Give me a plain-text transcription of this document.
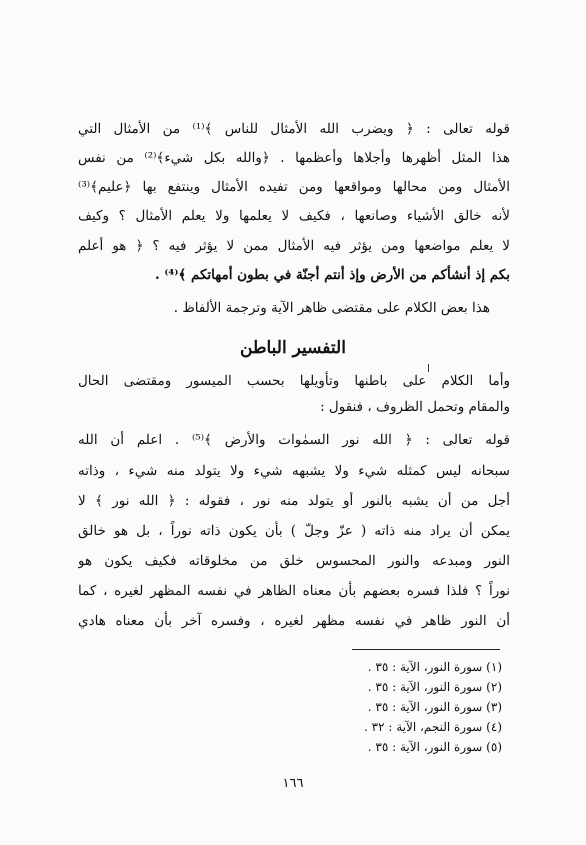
قوله تعالى : ﴿ ويضرب الله الأمثال للناس ﴾⁽¹⁾ من الأمثال التي
هذا المثل أظهرها وأجلاها وأعظمها . ﴿والله بكل شيء﴾⁽²⁾ من نفس
الأمثال ومن محالها ومواقعها ومن تفيده الأمثال وينتفع بها ﴿عليم﴾⁽³⁾
لأنه خالق الأشياء وصانعها ، فكيف لا يعلمها ولا يعلم الأمثال ؟ وكيف
لا يعلم مواضعها ومن يؤثر فيه الأمثال ممن لا يؤثر فيه ؟ ﴿ هو أعلم
بكم إذ أنشأكم من الأرض وإذ أنتم أجنّة في بطون أمهاتكم ﴾⁽⁴⁾ .
هذا بعض الكلام على مقتضى ظاهر الآية وترجمة الألفاظ .
التفسير الباطن
وأما الكلام على باطنها وتأويلها بحسب الميسور ومقتضى الحال
والمقام وتحمل الظروف ، فنقول :
قوله تعالى : ﴿ الله نور السمٰوات والأرض ﴾⁽⁵⁾ . اعلم أن الله
سبحانه ليس كمثله شيء ولا يشبهه شيء ولا يتولد منه شيء ، وذاته
أجل من أن يشبه بالنور أو يتولد منه نور ، فقوله : ﴿ الله نور ﴾ لا
يمكن أن يراد منه ذاته ( عزّ وجلّ ) بأن يكون ذاته نوراً ، بل هو خالق
النور ومبدعه والنور المحسوس خلق من مخلوقاته فكيف يكون هو
نوراً ؟ فلذا فسره بعضهم بأن معناه الظاهر في نفسه المظهر لغيره ، كما
أن النور ظاهر في نفسه مظهر لغيره ، وفسره آخر بأن معناه هادي
(١) سورة النور، الآية : ٣٥ .
(٢) سورة النور، الآية : ٣٥ .
(٣) سورة النور، الآية : ٣٥ .
(٤) سورة النجم، الآية : ٣٢ .
(٥) سورة النور، الآية : ٣٥ .
١٦٦
